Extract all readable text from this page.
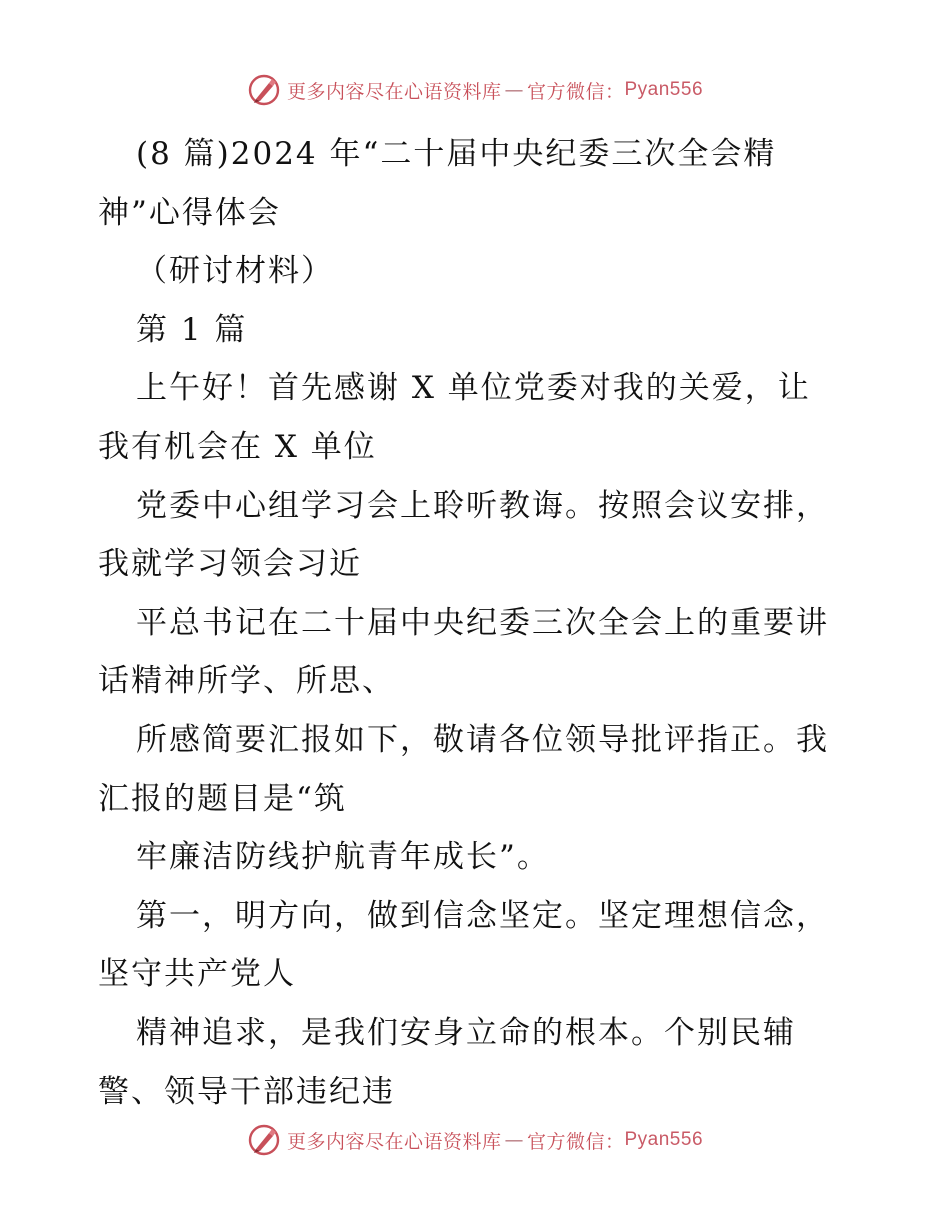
更多内容尽在心语资料库 — 官方微信： Pyan556
(8 篇)2024 年“二十届中央纪委三次全会精
神”心得体会
（研讨材料）
第 1 篇
上午好！首先感谢 X 单位党委对我的关爱，让
我有机会在 X 单位
党委中心组学习会上聆听教诲。按照会议安排，
我就学习领会习近
平总书记在二十届中央纪委三次全会上的重要讲
话精神所学、所思、
所感简要汇报如下，敬请各位领导批评指正。我
汇报的题目是“筑
牢廉洁防线护航青年成长”。
第一，明方向，做到信念坚定。坚定理想信念，
坚守共产党人
精神追求，是我们安身立命的根本。个别民辅
警、领导干部违纪违
更多内容尽在心语资料库 — 官方微信： Pyan556
